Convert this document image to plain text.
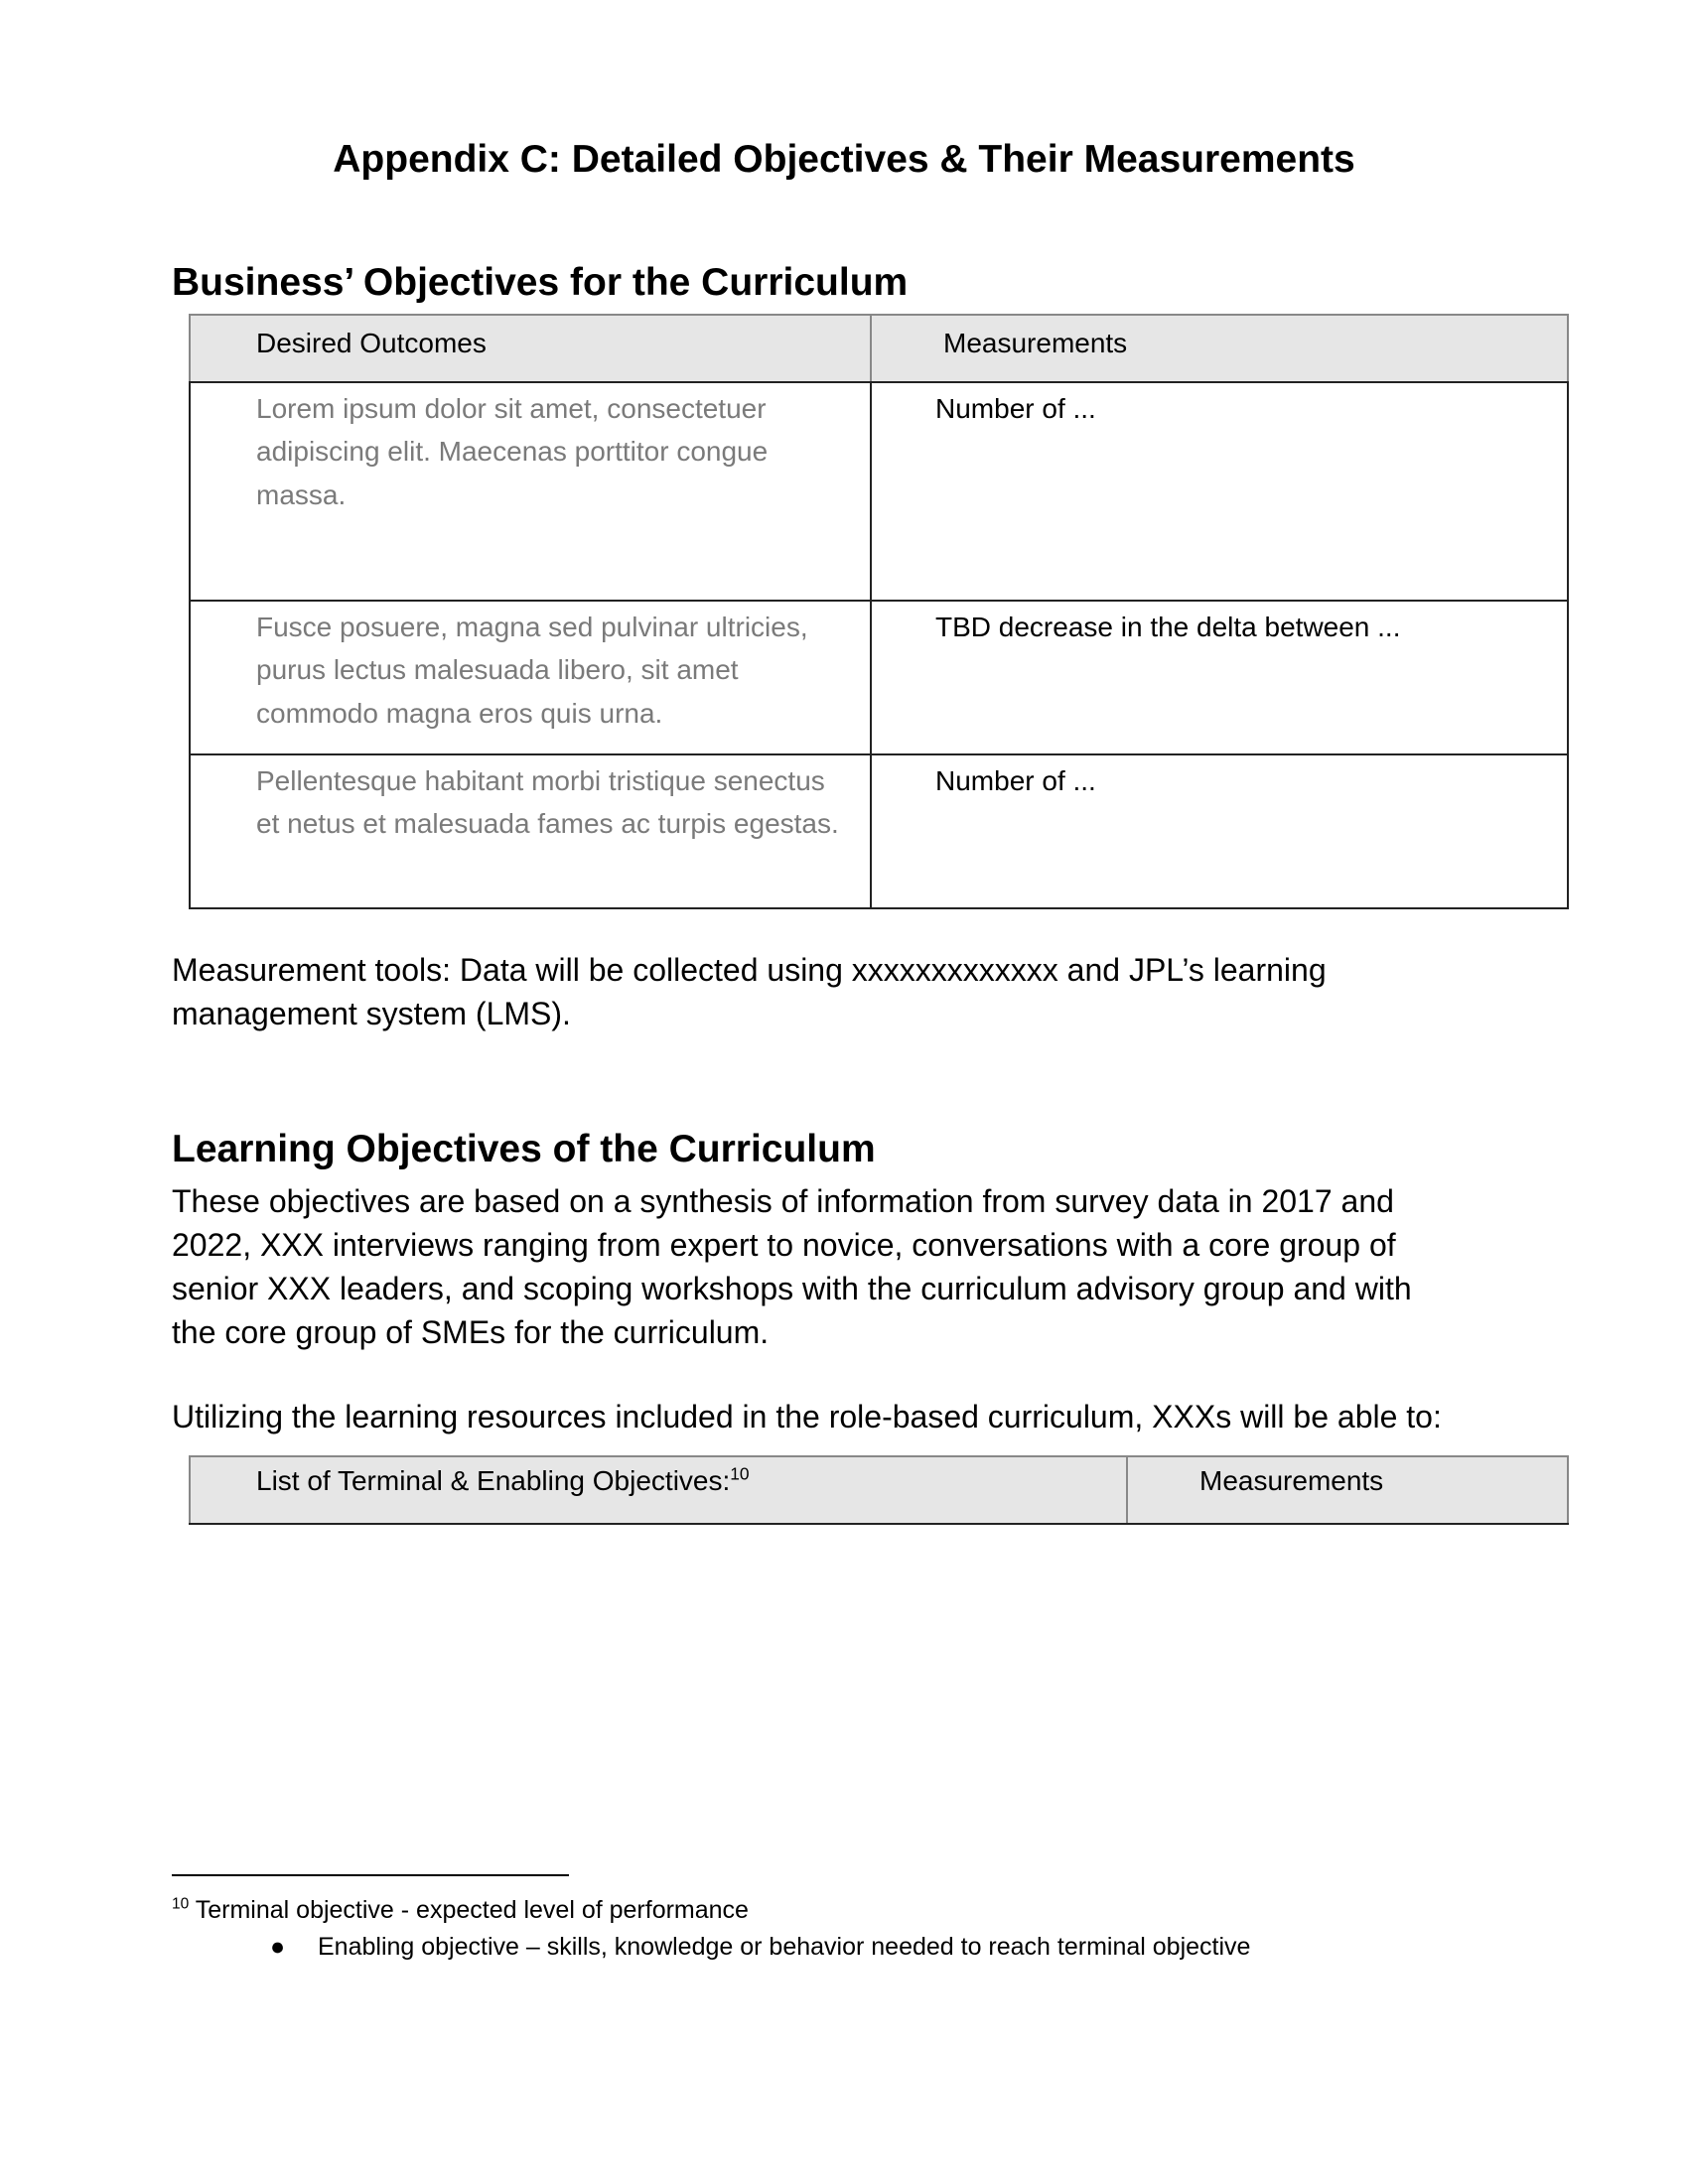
Appendix C: Detailed Objectives & Their Measurements
Business’ Objectives for the Curriculum
Desired Outcomes	Measurements
Lorem ipsum dolor sit amet, consectetuer adipiscing elit. Maecenas porttitor congue massa.	Number of ...
Fusce posuere, magna sed pulvinar ultricies, purus lectus malesuada libero, sit amet commodo magna eros quis urna.	TBD decrease in the delta between ...
Pellentesque habitant morbi tristique senectus et netus et malesuada fames ac turpis egestas.	Number of ...

Measurement tools: Data will be collected using xxxxxxxxxxxxx and JPL’s learning management system (LMS).

Learning Objectives of the Curriculum

These objectives are based on a synthesis of information from survey data in 2017 and 2022, XXX interviews ranging from expert to novice, conversations with a core group of senior XXX leaders, and scoping workshops with the curriculum advisory group and with the core group of SMEs for the curriculum.

Utilizing the learning resources included in the role-based curriculum, XXXs will be able to:

List of Terminal & Enabling Objectives:$^{10}$	Measurements

$^{10}$ Terminal objective - expected level of performance

● Enabling objective – skills, knowledge or behavior needed to reach terminal objective
